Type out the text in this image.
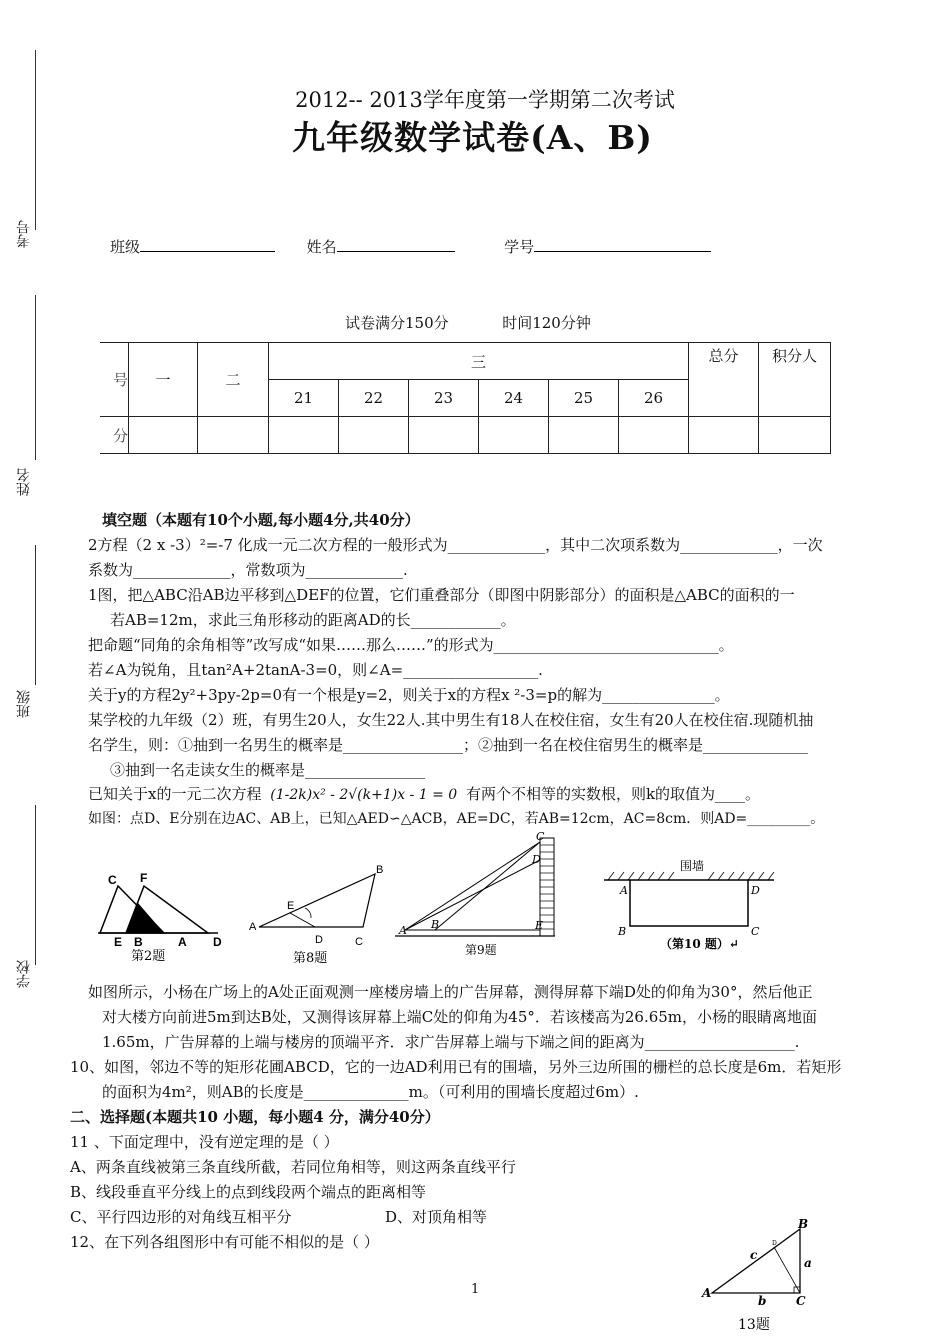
考号
姓名
班级
学校
2012-- 2013学年度第一学期第二次考试
九年级数学试卷(A、B)
班级	姓名	学号
试卷满分150分	时间120分钟
号	一	二	三						总分	积分人
			21	22	23	24	25	26		
分										
填空题（本题有10个小题,每小题4分,共40分）
2方程（2 x -3）²=-7 化成一元二次方程的一般形式为_____________，其中二次项系数为_____________，一次
系数为_____________，常数项为_____________.
1图，把△ABC沿AB边平移到△DEF的位置，它们重叠部分（即图中阴影部分）的面积是△ABC的面积的一
若AB=12m，求此三角形移动的距离AD的长____________。
把命题“同角的余角相等”改写成“如果……那么……”的形式为______________________________。
若∠A为锐角，且tan²A+2tanA-3=0，则∠A=__________________.
关于y的方程2y²+3py-2p=0有一个根是y=2，则关于x的方程x ²-3=p的解为_______________。
某学校的九年级（2）班，有男生20人，女生22人.其中男生有18人在校住宿，女生有20人在校住宿.现随机抽
名学生，则：①抽到一名男生的概率是________________；②抽到一名在校住宿男生的概率是______________
③抽到一名走读女生的概率是________________
已知关于x的一元二次方程 (1-2k)x² - 2√(k+1)x - 1 = 0 有两个不相等的实数根，则k的取值为____。
如图：点D、E分别在边AC、AB上，已知△AED∽△ACB，AE=DC，若AB=12cm，AC=8cm．则AD=_________。
C F
E B	A D
第2题
B
E
A
D	C
第8题
C
D
A B	E
第9题
围墙
A	D
B	C
（第10 题）↵
如图所示，小杨在广场上的A处正面观测一座楼房墙上的广告屏幕，测得屏幕下端D处的仰角为30°，然后他正
对大楼方向前进5m到达B处，又测得该屏幕上端C处的仰角为45°．若该楼高为26.65m，小杨的眼睛离地面
1.65m，广告屏幕的上端与楼房的顶端平齐．求广告屏幕上端与下端之间的距离为____________________.
10、如图，邻边不等的矩形花圃ABCD，它的一边AD利用已有的围墙，另外三边所围的栅栏的总长度是6m．若矩形
的面积为4m²，则AB的长度是______________m。（可利用的围墙长度超过6m）.
二、选择题(本题共10 小题，每小题4 分，满分40分）
11 、下面定理中，没有逆定理的是（ ）
A、两条直线被第三条直线所截，若同位角相等，则这两条直线平行
B、线段垂直平分线上的点到线段两个端点的距离相等
C、平行四边形的对角线互相平分	D、对顶角相等
12、在下列各组图形中有可能不相似的是（ ）
B
c
a
D
A
b C
13题
1
